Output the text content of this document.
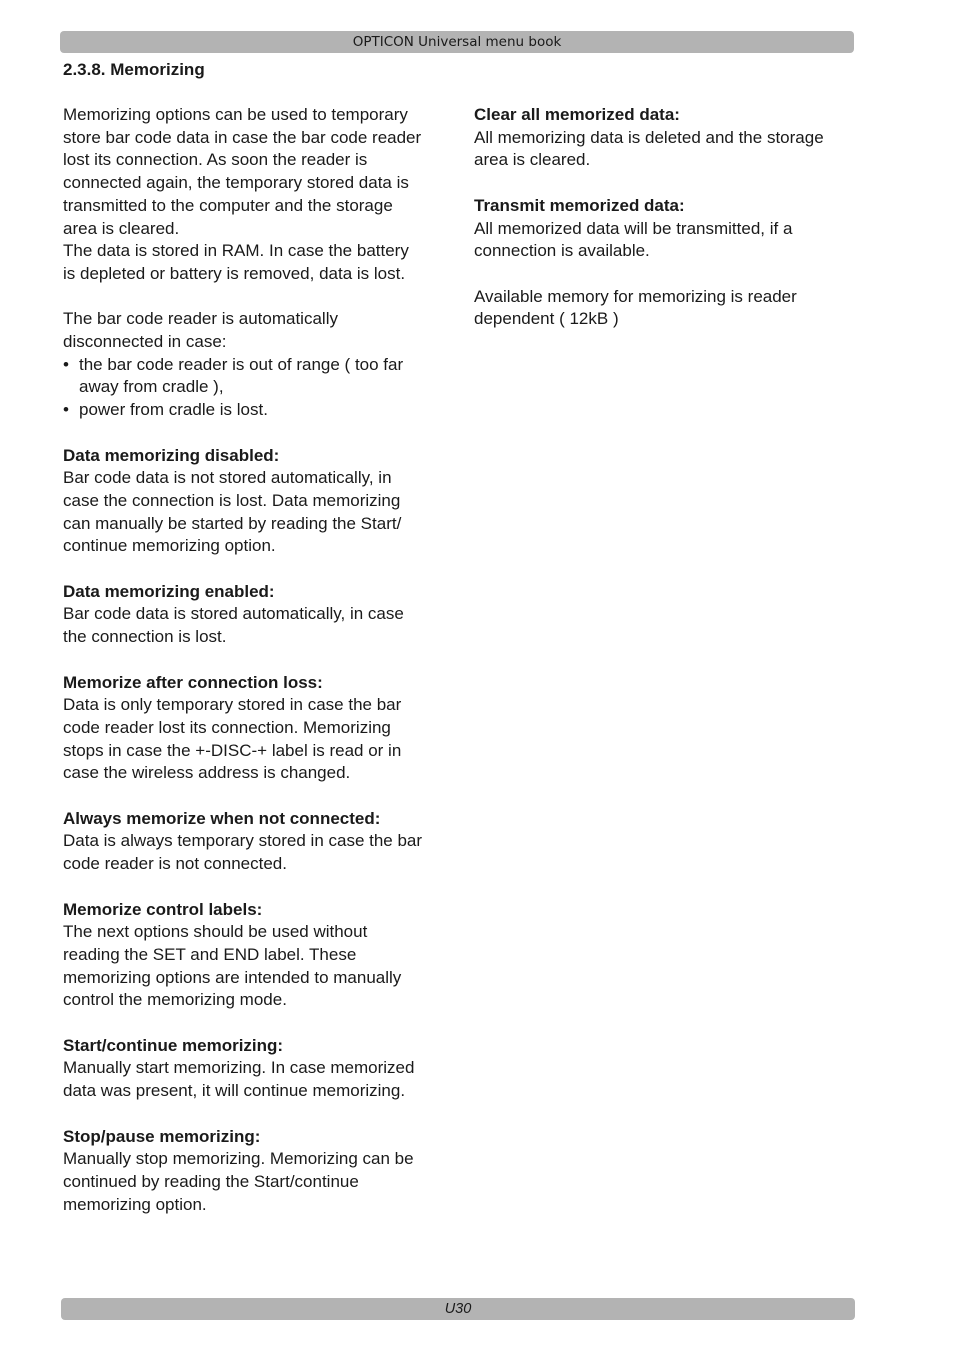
OPTICON Universal menu book
2.3.8. Memorizing

Memorizing options can be used to temporary

store bar code data in case the bar code reader

lost its connection. As soon the reader is

connected again, the temporary stored data is

transmitted to the computer and the storage

area is cleared.

The data is stored in RAM. In case the battery

is depleted or battery is removed, data is lost.

The bar code reader is automatically

disconnected in case:

• the bar code reader is out of range ( too far

away from cradle ),

• power from cradle is lost.

Data memorizing disabled:

Bar code data is not stored automatically, in

case the connection is lost. Data memorizing

can manually be started by reading the Start/

continue memorizing option.

Data memorizing enabled:

Bar code data is stored automatically, in case

the connection is lost.

Memorize after connection loss:

Data is only temporary stored in case the bar

code reader lost its connection. Memorizing

stops in case the +-DISC-+ label is read or in

case the wireless address is changed.

Always memorize when not connected:

Data is always temporary stored in case the bar

code reader is not connected.

Memorize control labels:

The next options should be used without

reading the SET and END label. These

memorizing options are intended to manually

control the memorizing mode.

Start/continue memorizing:

Manually start memorizing. In case memorized

data was present, it will continue memorizing.

Stop/pause memorizing:

Manually stop memorizing. Memorizing can be

continued by reading the Start/continue

memorizing option.

Clear all memorized data:

All memorizing data is deleted and the storage

area is cleared.

Transmit memorized data:

All memorized data will be transmitted, if a

connection is available.

Available memory for memorizing is reader

dependent ( 12kB )

U30
